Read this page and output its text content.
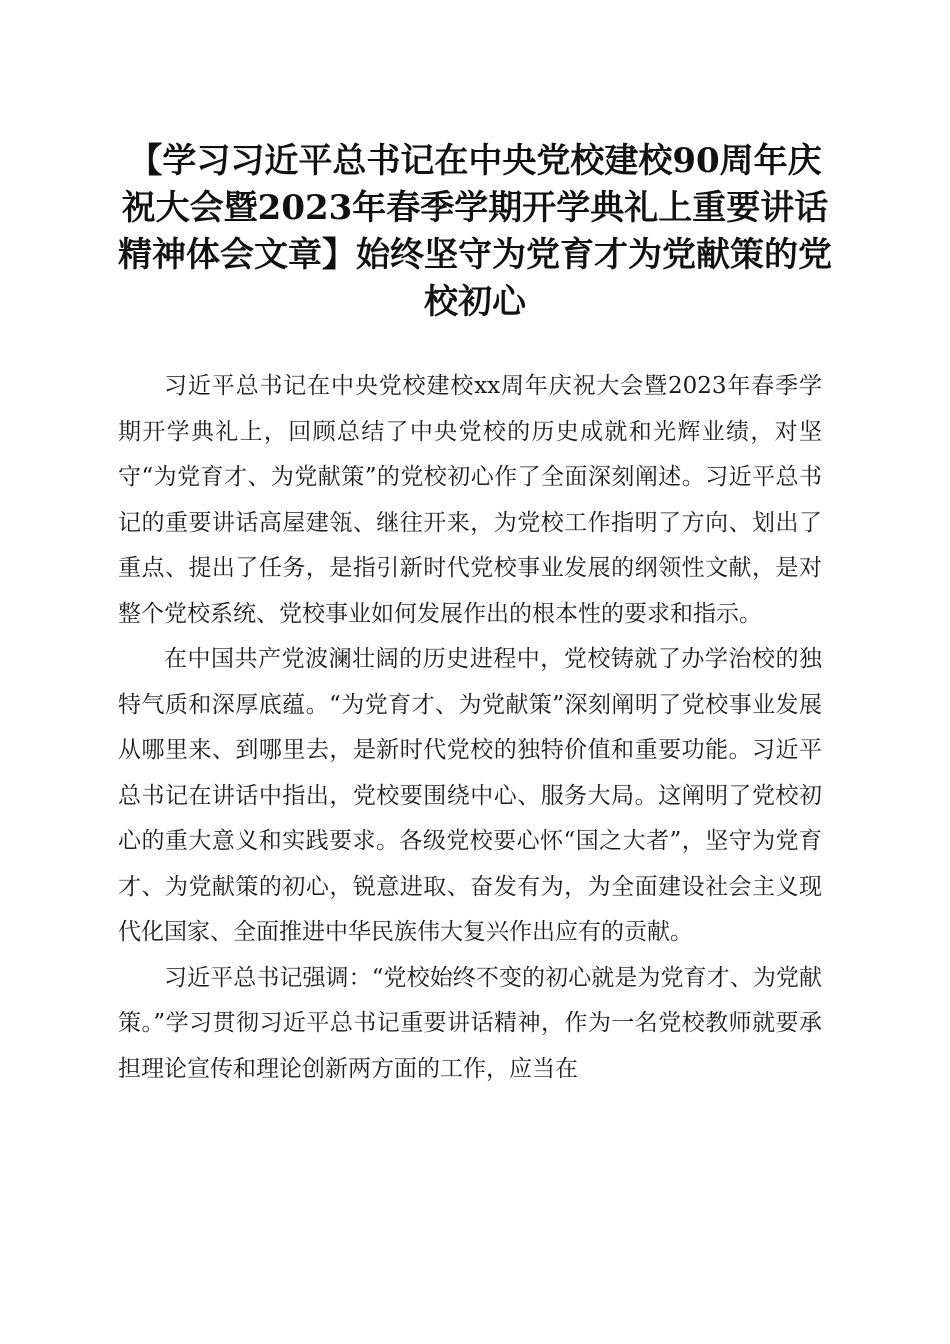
【学习习近平总书记在中央党校建校90周年庆祝大会暨2023年春季学期开学典礼上重要讲话精神体会文章】始终坚守为党育才为党献策的党校初心

习近平总书记在中央党校建校xx周年庆祝大会暨2023年春季学期开学典礼上，回顾总结了中央党校的历史成就和光辉业绩，对坚守“为党育才、为党献策”的党校初心作了全面深刻阐述。习近平总书记的重要讲话高屋建瓴、继往开来，为党校工作指明了方向、划出了重点、提出了任务，是指引新时代党校事业发展的纲领性文献，是对整个党校系统、党校事业如何发展作出的根本性的要求和指示。

在中国共产党波澜壮阔的历史进程中，党校铸就了办学治校的独特气质和深厚底蕴。“为党育才、为党献策”深刻阐明了党校事业发展从哪里来、到哪里去，是新时代党校的独特价值和重要功能。习近平总书记在讲话中指出，党校要围绕中心、服务大局。这阐明了党校初心的重大意义和实践要求。各级党校要心怀“国之大者”，坚守为党育才、为党献策的初心，锐意进取、奋发有为，为全面建设社会主义现代化国家、全面推进中华民族伟大复兴作出应有的贡献。

习近平总书记强调：“党校始终不变的初心就是为党育才、为党献策。”学习贯彻习近平总书记重要讲话精神，作为一名党校教师就要承担理论宣传和理论创新两方面的工作，应当在
